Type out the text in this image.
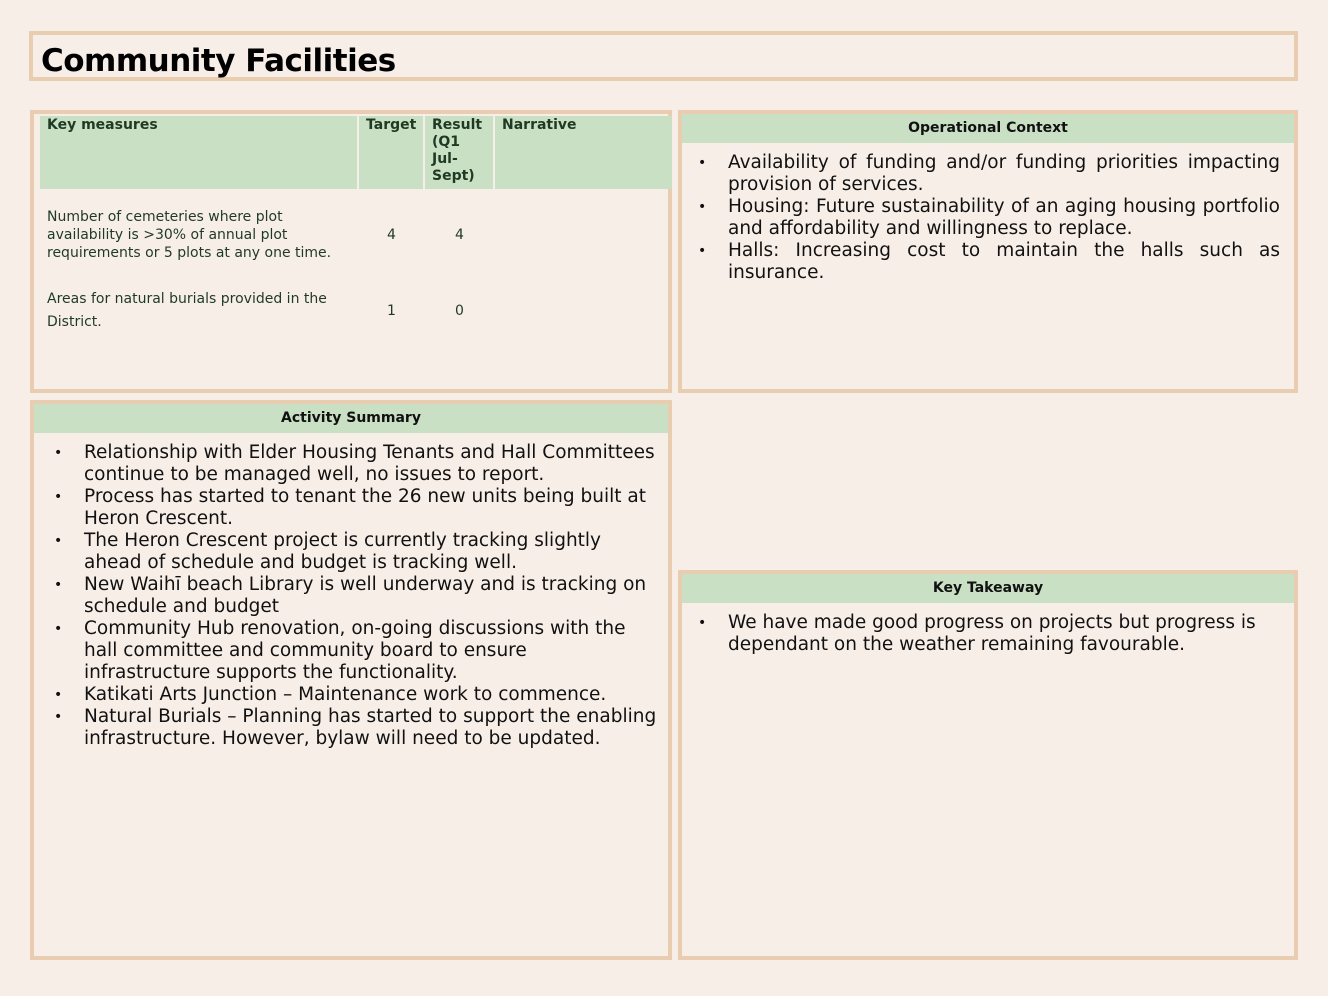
Community Facilities
Key measures	Target	Result (Q1 Jul-Sept)	Narrative
Number of cemeteries where plot availability is >30% of annual plot requirements or 5 plots at any one time.	4	4	
Areas for natural burials provided in the District.	1	0	
Operational Context
• Availability of funding and/or funding priorities impacting provision of services.
• Housing: Future sustainability of an aging housing portfolio and affordability and willingness to replace.
• Halls: Increasing cost to maintain the halls such as insurance.
Activity Summary
• Relationship with Elder Housing Tenants and Hall Committees continue to be managed well, no issues to report.
• Process has started to tenant the 26 new units being built at Heron Crescent.
• The Heron Crescent project is currently tracking slightly ahead of schedule and budget is tracking well.
• New Waihī beach Library is well underway and is tracking on schedule and budget
• Community Hub renovation, on-going discussions with the hall committee and community board to ensure infrastructure supports the functionality.
• Katikati Arts Junction – Maintenance work to commence.
• Natural Burials – Planning has started to support the enabling infrastructure. However, bylaw will need to be updated.
Key Takeaway
• We have made good progress on projects but progress is dependant on the weather remaining favourable.
